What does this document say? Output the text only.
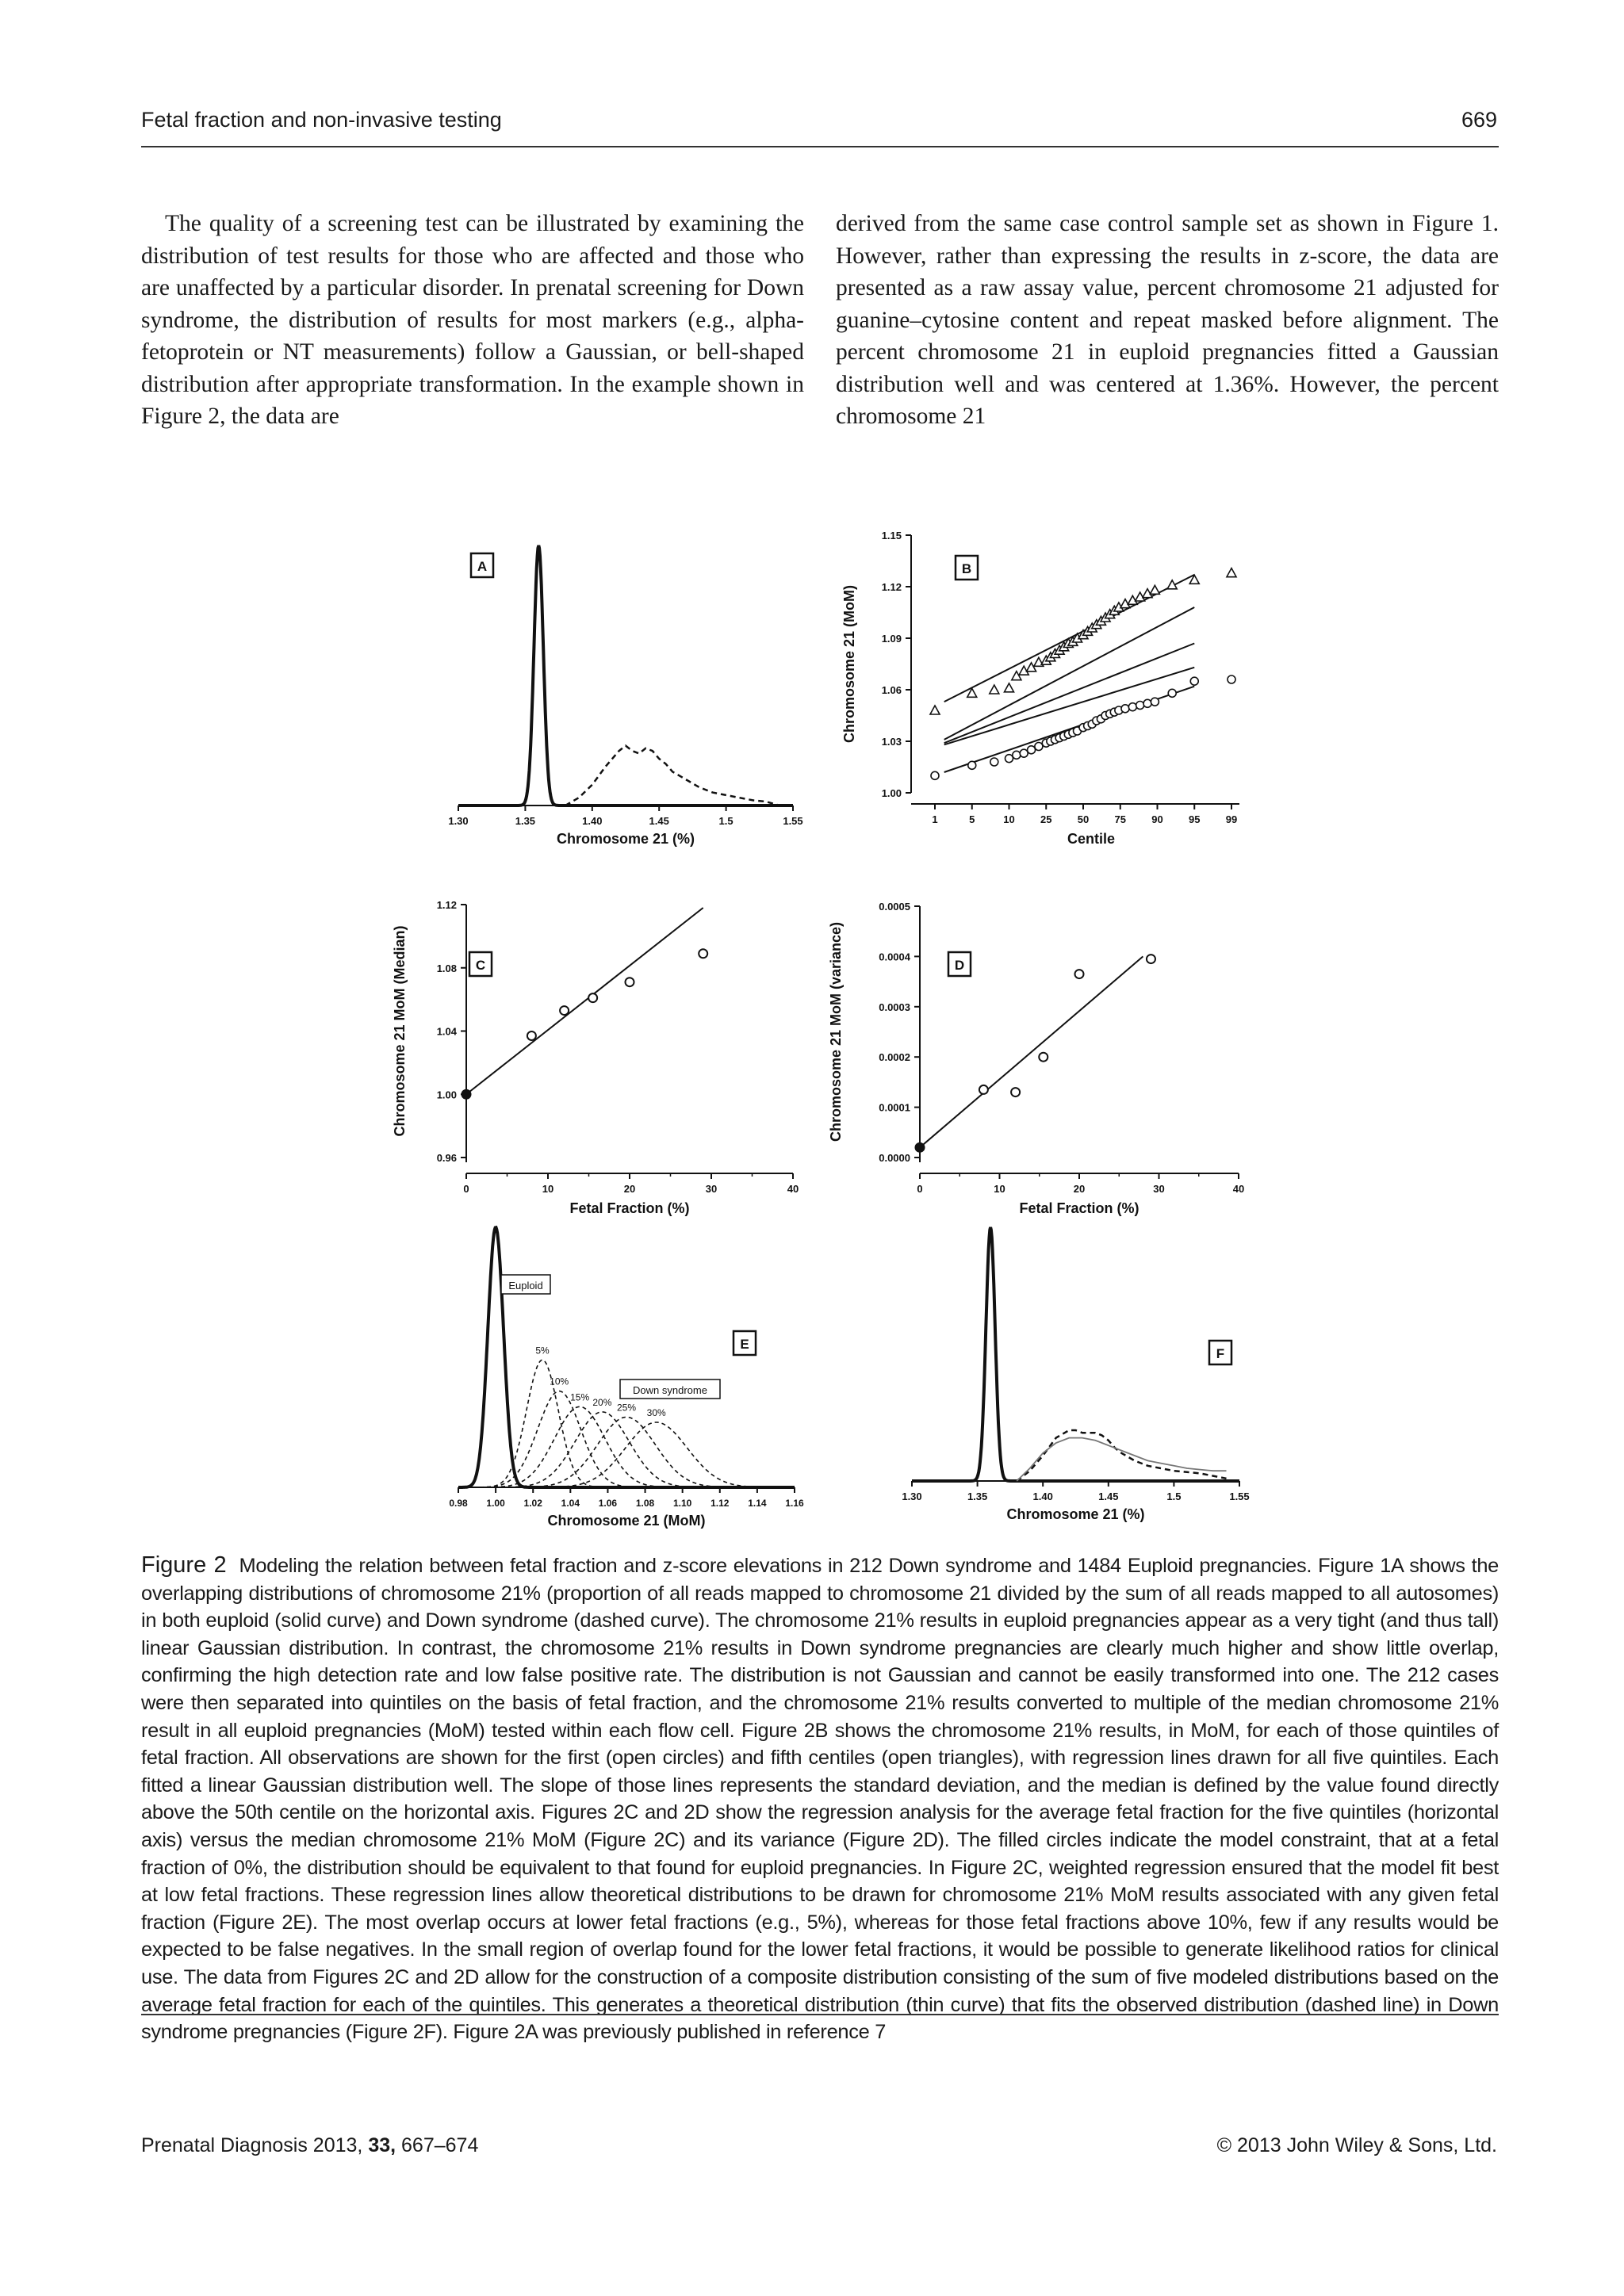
Fetal fraction and non-invasive testing	669

The quality of a screening test can be illustrated by examining the distribution of test results for those who are affected and those who are unaffected by a particular disorder. In prenatal screening for Down syndrome, the distribution of results for most markers (e.g., alpha-fetoprotein or NT measurements) follow a Gaussian, or bell-shaped distribution after appropriate transformation. In the example shown in Figure 2, the data are

derived from the same case control sample set as shown in Figure 1. However, rather than expressing the results in z-score, the data are presented as a raw assay value, percent chromosome 21 adjusted for guanine–cytosine content and repeat masked before alignment. The percent chromosome 21 in euploid pregnancies fitted a Gaussian distribution well and was centered at 1.36%. However, the percent chromosome 21

1.30	1.35	1.40	1.45	1.5	1.55
Chromosome 21 (%)
1.30	1.35	1.40	1.45	1.5	1.55
Chromosome 21 (%)
A
F
1.00
1.03
1.06
1.09
1.12
1.15
1	5	10 25 50 75 90 95 99
Centile
Chromosome 21 (MoM)
B
0.96
1.00
1.04
1.08
1.12
0	10	20	30	40
Fetal Fraction (%)
Chromosome 21 MoM (Median)
0.0000
0.0001
0.0002
0.0003
0.0004
0.0005
0	10	20	30	40
Fetal Fraction (%)
Chromosome 21 MoM (variance)
C	D
0.98 1.00 1.02 1.04 1.06 1.08 1.10 1.12 1.14 1.16
Chromosome 21 (MoM)
5%
10%
15% 20% 25% 30%
Euploid
Down syndrome
E
Figure 2 Modeling the relation between fetal fraction and z-score elevations in 212 Down syndrome and 1484 Euploid pregnancies. Figure 1A shows the overlapping distributions of chromosome 21% (proportion of all reads mapped to chromosome 21 divided by the sum of all reads mapped to all autosomes) in both euploid (solid curve) and Down syndrome (dashed curve). The chromosome 21% results in euploid pregnancies appear as a very tight (and thus tall) linear Gaussian distribution. In contrast, the chromosome 21% results in Down syndrome pregnancies are clearly much higher and show little overlap, confirming the high detection rate and low false positive rate. The distribution is not Gaussian and cannot be easily transformed into one. The 212 cases were then separated into quintiles on the basis of fetal fraction, and the chromosome 21% results converted to multiple of the median chromosome 21% result in all euploid pregnancies (MoM) tested within each flow cell. Figure 2B shows the chromosome 21% results, in MoM, for each of those quintiles of fetal fraction. All observations are shown for the first (open circles) and fifth centiles (open triangles), with regression lines drawn for all five quintiles. Each fitted a linear Gaussian distribution well. The slope of those lines represents the standard deviation, and the median is defined by the value found directly above the 50th centile on the horizontal axis. Figures 2C and 2D show the regression analysis for the average fetal fraction for the five quintiles (horizontal axis) versus the median chromosome 21% MoM (Figure 2C) and its variance (Figure 2D). The filled circles indicate the model constraint, that at a fetal fraction of 0%, the distribution should be equivalent to that found for euploid pregnancies. In Figure 2C, weighted regression ensured that the model fit best at low fetal fractions. These regression lines allow theoretical distributions to be drawn for chromosome 21% MoM results associated with any given fetal fraction (Figure 2E). The most overlap occurs at lower fetal fractions (e.g., 5%), whereas for those fetal fractions above 10%, few if any results would be expected to be false negatives. In the small region of overlap found for the lower fetal fractions, it would be possible to generate likelihood ratios for clinical use. The data from Figures 2C and 2D allow for the construction of a composite distribution consisting of the sum of five modeled distributions based on the average fetal fraction for each of the quintiles. This generates a theoretical distribution (thin curve) that fits the observed distribution (dashed line) in Down syndrome pregnancies (Figure 2F). Figure 2A was previously published in reference 7
Prenatal Diagnosis 2013, 33, 667–674	© 2013 John Wiley & Sons, Ltd.
